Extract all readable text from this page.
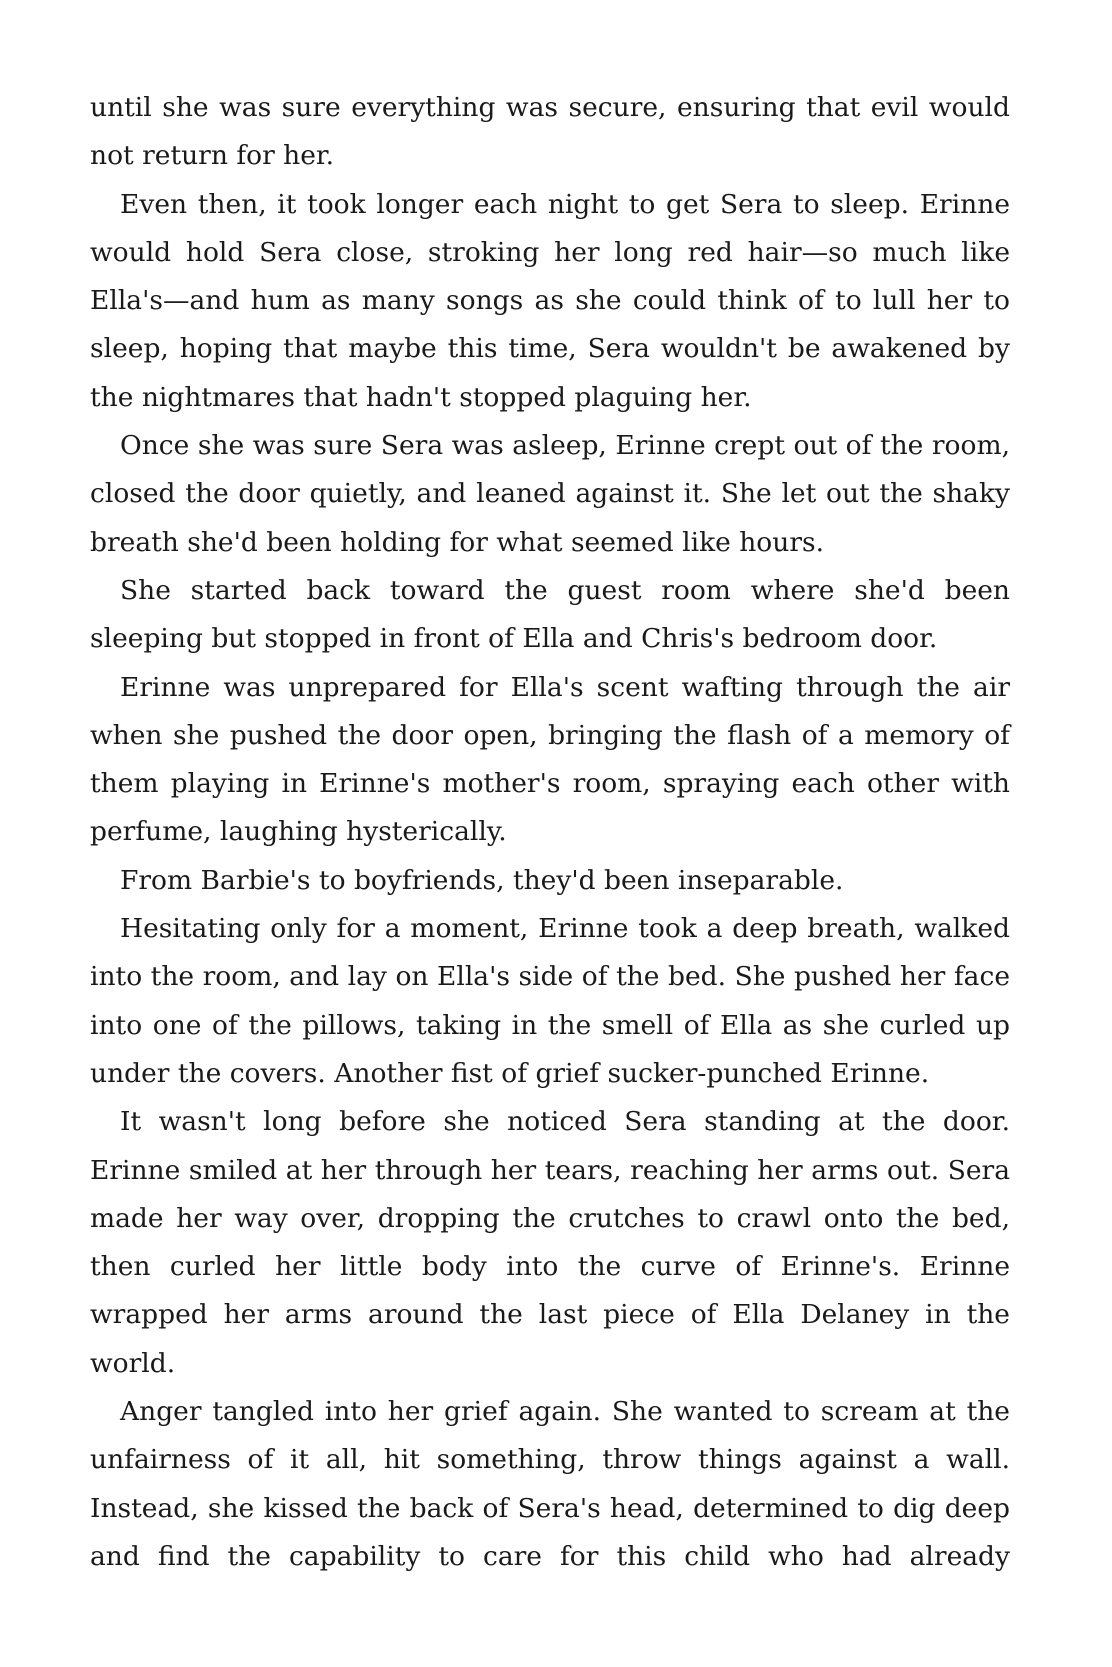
until she was sure everything was secure, ensuring that evil would not return for her.

Even then, it took longer each night to get Sera to sleep. Erinne would hold Sera close, stroking her long red hair—so much like Ella's—and hum as many songs as she could think of to lull her to sleep, hoping that maybe this time, Sera wouldn't be awakened by the nightmares that hadn't stopped plaguing her.

Once she was sure Sera was asleep, Erinne crept out of the room, closed the door quietly, and leaned against it. She let out the shaky breath she'd been holding for what seemed like hours.

She started back toward the guest room where she'd been sleeping but stopped in front of Ella and Chris's bedroom door.

Erinne was unprepared for Ella's scent wafting through the air when she pushed the door open, bringing the flash of a memory of them playing in Erinne's mother's room, spraying each other with perfume, laughing hysterically.

From Barbie's to boyfriends, they'd been inseparable.

Hesitating only for a moment, Erinne took a deep breath, walked into the room, and lay on Ella's side of the bed. She pushed her face into one of the pillows, taking in the smell of Ella as she curled up under the covers. Another fist of grief sucker-punched Erinne.

It wasn't long before she noticed Sera standing at the door. Erinne smiled at her through her tears, reaching her arms out. Sera made her way over, dropping the crutches to crawl onto the bed, then curled her little body into the curve of Erinne's. Erinne wrapped her arms around the last piece of Ella Delaney in the world.

Anger tangled into her grief again. She wanted to scream at the unfairness of it all, hit something, throw things against a wall. Instead, she kissed the back of Sera's head, determined to dig deep and find the capability to care for this child who had already
